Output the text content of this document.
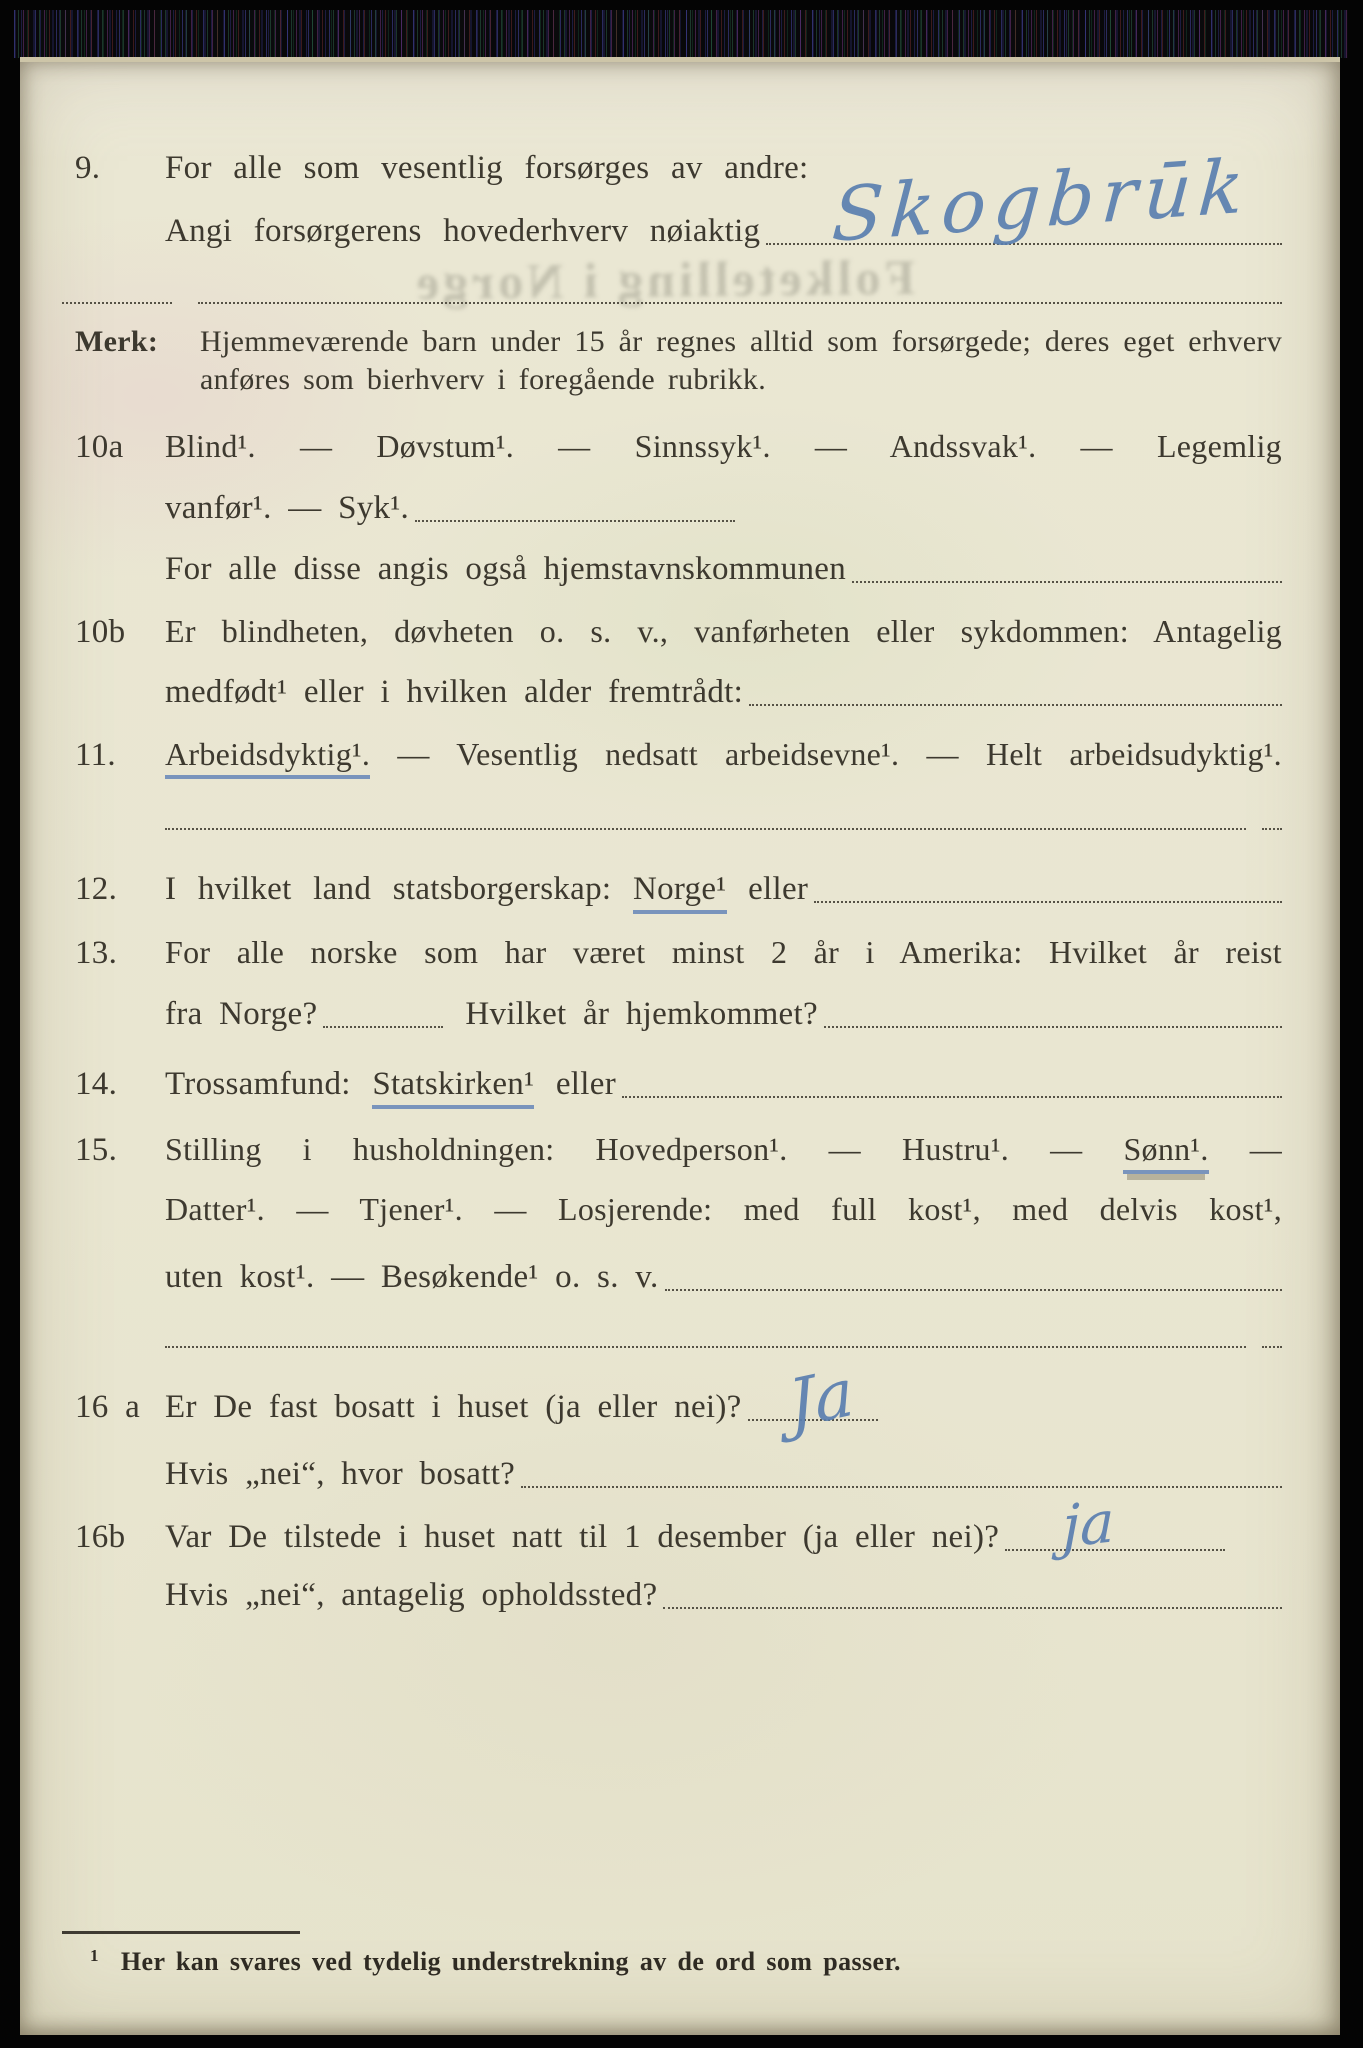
Folketelling i Norge
9.	For alle som vesentlig forsørges av andre:
Angi forsørgerens hovederhverv nøiaktig Skogbrūk
Merk:	Hjemmeværende barn under 15 år regnes alltid som forsørgede; deres eget erhverv
anføres som bierhverv i foregående rubrikk.
10a	Blind¹. — Døvstum¹. — Sinnssyk¹. — Andssvak¹. — Legemlig
vanfør¹. — Syk¹.
For alle disse angis også hjemstavnskommunen
10b	Er blindheten, døvheten o. s. v., vanførheten eller sykdommen: Antagelig
medfødt¹ eller i hvilken alder fremtrådt:
11.	Arbeidsdyktig¹. — Vesentlig nedsatt arbeidsevne¹. — Helt arbeidsudyktig¹.
12.	I hvilket land statsborgerskap: Norge¹ eller
13.	For alle norske som har været minst 2 år i Amerika: Hvilket år reist
fra Norge?	Hvilket år hjemkommet?
14.	Trossamfund: Statskirken¹ eller
15.	Stilling i husholdningen: Hovedperson¹. — Hustru¹. — Sønn¹. —
Datter¹. — Tjener¹. — Losjerende: med full kost¹, med delvis kost¹,
uten kost¹. — Besøkende¹ o. s. v.
16 a Er De fast bosatt i huset (ja eller nei)? Ja
Hvis „nei“, hvor bosatt?
16b	Var De tilstede i huset natt til 1 desember (ja eller nei)? ja
Hvis „nei“, antagelig opholdssted?
$^1$ Her kan svares ved tydelig understrekning av de ord som passer.
